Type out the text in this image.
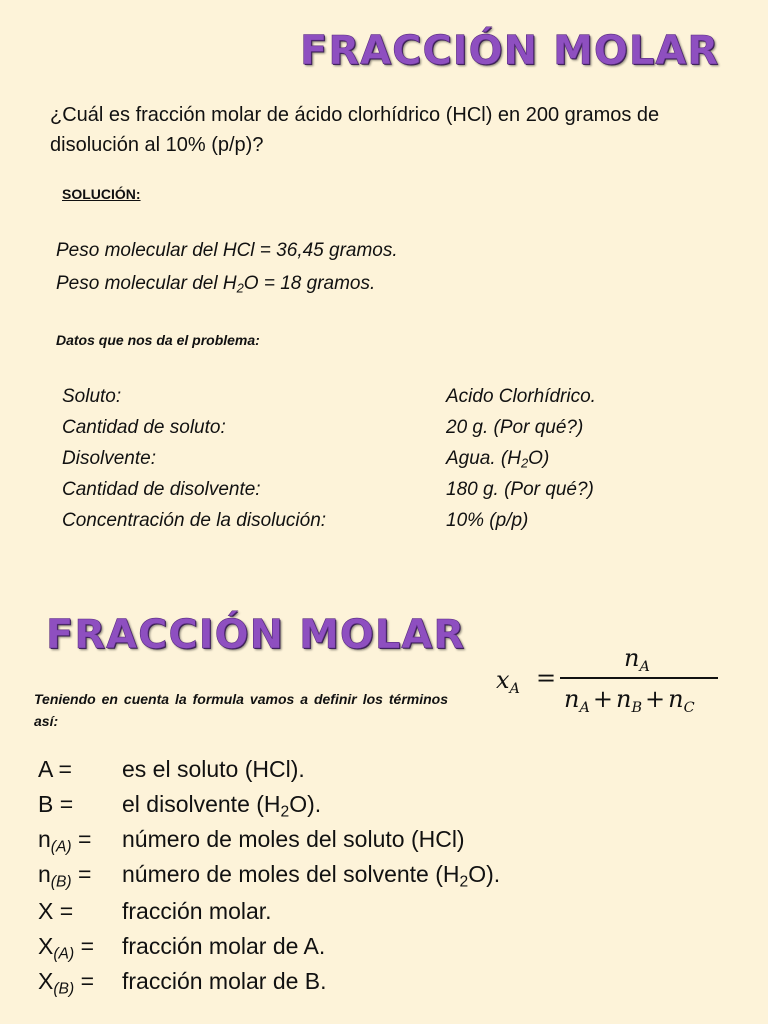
FRACCIÓN MOLAR
¿Cuál es fracción molar de ácido clorhídrico (HCl) en 200 gramos de disolución al 10% (p/p)?
SOLUCIÓN:
Peso molecular del HCl = 36,45 gramos.
Peso molecular del $H_2O = 18$ gramos.
Datos que nos da el problema:
Soluto:	Acido Clorhídrico.
Cantidad de soluto:	20 g. (Por qué?)
Disolvente:	Agua. $(H_2O)$
Cantidad de disolvente:	180 g. (Por qué?)
Concentración de la disolución:	10% (p/p)
FRACCIÓN MOLAR
$x_A$ =
$n_A$
$n_A + n_B + n_C$
Teniendo en cuenta la formula vamos a definir los términos así:
A = es el soluto (HCl).
B = el disolvente $(H_2O)$.
$n_{(A)}$ = número de moles del soluto (HCl)
$n_{(B)}$ = número de moles del solvente $(H_2O)$.
X = fracción molar.
$X_{(A)}$ = fracción molar de A.
$X_{(B)}$ = fracción molar de B.
